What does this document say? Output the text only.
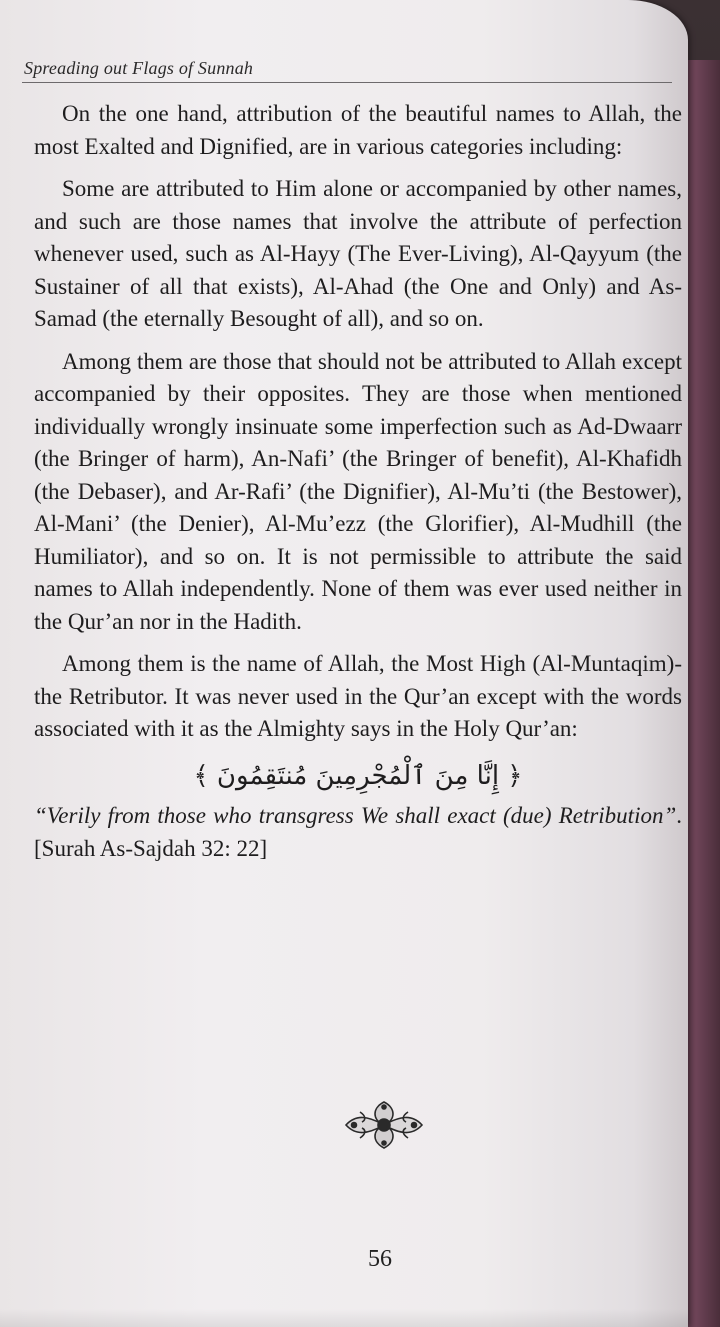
Spreading out Flags of Sunnah

On the one hand, attribution of the beautiful names to Allah, the most Exalted and Dignified, are in various categories including:

Some are attributed to Him alone or accompanied by other names, and such are those names that involve the attribute of perfection whenever used, such as Al-Hayy (The Ever-Living), Al-Qayyum (the Sustainer of all that exists), Al-Ahad (the One and Only) and As-Samad (the eternally Besought of all), and so on.

Among them are those that should not be attributed to Allah except accompanied by their opposites. They are those when mentioned individually wrongly insinuate some imperfection such as Ad-Dwaarr (the Bringer of harm), An-Nafi’ (the Bringer of benefit), Al-Khafidh (the Debaser), and Ar-Rafi’ (the Dignifier), Al-Mu’ti (the Bestower), Al-Mani’ (the Denier), Al-Mu’ezz (the Glorifier), Al-Mudhill (the Humiliator), and so on. It is not permissible to attribute the said names to Allah independently. None of them was ever used neither in the Qur’an nor in the Hadith.

Among them is the name of Allah, the Most High (Al-Muntaqim)- the Retributor. It was never used in the Qur’an except with the words associated with it as the Almighty says in the Holy Qur’an:

﴿ إِنَّا مِنَ ٱلْمُجْرِمِينَ مُنتَقِمُونَ ﴾

“Verily from those who transgress We shall exact (due) Retribution”.[Surah As-Sajdah 32: 22]

56
